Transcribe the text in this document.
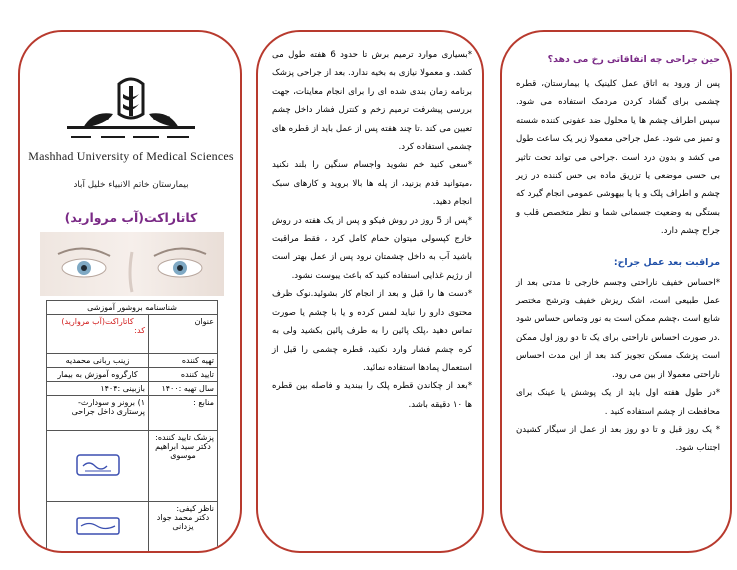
Mashhad University of Medical Sciences
بیمارستان خاتم الانبیاء خلیل آباد
کاتاراکت(آب مروارید)
شناسنامه بروشور آموزشی	
عنوان	کاتاراکت(آب مروارید)
کد:

تهیه کننده	زینب ربانی محمدیه
تایید کننده	کارگروه آموزش به بیمار
سال تهیه :۱۴۰۰	بازبینی :۱۴۰۴
منابع :	۱) برونر و سودارث-پرستاری داخل جراحی

پزشک تایید کننده:
دکتر سید ابراهیم موسوی

ناظر کیفی:
دکتر محمد جواد یزدانی

*بسیاری موارد ترمیم برش تا حدود 6 هفته طول می کشد. و معمولا نیازی به بخیه ندارد. بعد از جراحی پزشک برنامه زمان بندی شده ای را برای انجام معاینات، جهت بررسی پیشرفت ترمیم زخم و کنترل فشار داخل چشم تعیین می کند .تا چند هفته پس از عمل باید از قطره های چشمی استفاده کرد.
*سعی کنید خم نشوید واجسام سنگین را بلند نکنید ،میتوانید قدم بزنید، از پله ها بالا بروید و کارهای سبک انجام دهید.
*پس از 5 روز در روش فیکو و پس از یک هفته در روش خارج کپسولی میتوان حمام کامل کرد ، فقط مراقبت باشید آب به داخل چشمتان نرود پس از عمل بهتر است از رژیم غذایی استفاده کنید که باعث یبوست نشود.
*دست ها را قبل و بعد از انجام کار بشوئید.نوک ظرف محتوی دارو را نباید لمس کرده و یا با چشم یا صورت تماس دهید ،پلک پائین را به طرف پائین بکشید ولی به کره چشم فشار وارد نکنید، قطره چشمی را قبل از استعمال پمادها استفاده نمائید.
*بعد از چکاندن قطره پلک را ببندید و فاصله بین قطره ها ۱۰ دقیقه باشد.
حین جراحی چه اتفاقاتی رخ می دهد؟
پس از ورود به اتاق عمل کلینیک یا بیمارستان، قطره چشمی برای گشاد کردن مردمک استفاده می شود. سپس اطراف چشم ها یا محلول ضد عفونی کننده شسته و تمیز می شود. عمل جراحی معمولا زیر یک ساعت طول می کشد و بدون درد است .جراحی می تواند تحت تاثیر بی حسی موضعی یا تزریق ماده بی حس کننده در زیر چشم و اطراف پلک و یا یا بیهوشی عمومی انجام گیرد که بستگی به وضعیت جسمانی شما و نظر متخصص قلب و جراح چشم دارد.
مراقبت بعد عمل جراح:
*احساس خفیف ناراحتی وجسم خارجی تا مدتی بعد از عمل طبیعی است، اشک ریزش خفیف وترشح مختصر شایع است ،چشم ممکن است به نور وتماس حساس شود .در صورت احساس ناراحتی برای یک تا دو روز اول ممکن است پزشک مسکن تجویز کند بعد از این مدت احساس ناراحتی معمولا از بین می رود.
*در طول هفته اول باید از یک پوشش یا عینک برای محافظت از چشم استفاده کنید .
* یک روز قبل و تا دو روز بعد از عمل از سیگار کشیدن اجتناب شود.
